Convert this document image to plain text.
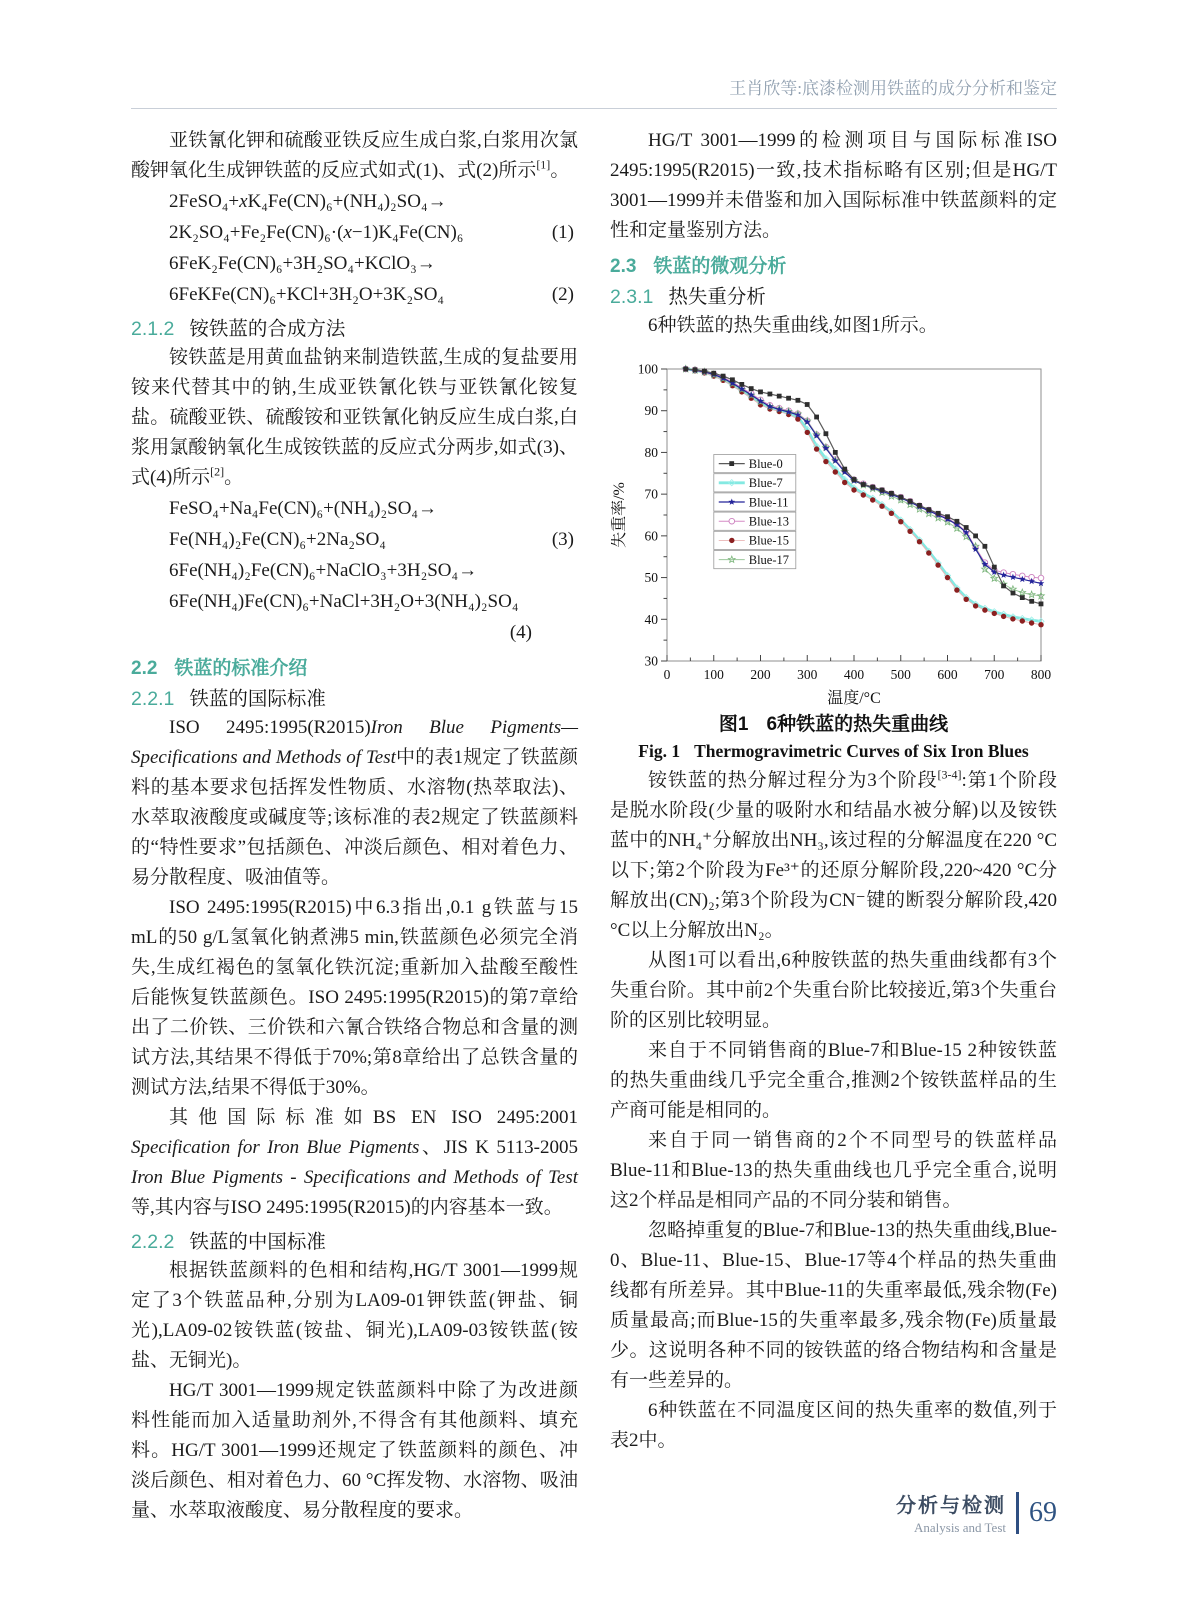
王肖欣等:底漆检测用铁蓝的成分分析和鉴定

亚铁氰化钾和硫酸亚铁反应生成白浆,白浆用次氯酸钾氧化生成钾铁蓝的反应式如式(1)、式(2)所示[1]。

2FeSO₄+xK₄Fe(CN)₆+(NH₄)₂SO₄→
2K₂SO₄+Fe₂Fe(CN)₆·(x−1)K₄Fe(CN)₆	(1)
6FeK₂Fe(CN)₆+3H₂SO₄+KClO₃→
6FeKFe(CN)₆+KCl+3H₂O+3K₂SO₄	(2)
2.1.2 铵铁蓝的合成方法

铵铁蓝是用黄血盐钠来制造铁蓝,生成的复盐要用铵来代替其中的钠,生成亚铁氰化铁与亚铁氰化铵复盐。硫酸亚铁、硫酸铵和亚铁氰化钠反应生成白浆,白浆用氯酸钠氧化生成铵铁蓝的反应式分两步,如式(3)、式(4)所示[2]。

FeSO₄+Na₄Fe(CN)₆+(NH₄)₂SO₄→
Fe(NH₄)₂Fe(CN)₆+2Na₂SO₄	(3)
6Fe(NH₄)₂Fe(CN)₆+NaClO₃+3H₂SO₄→
6Fe(NH₄)Fe(CN)₆+NaCl+3H₂O+3(NH₄)₂SO₄
(4)
2.2 铁蓝的标准介绍
2.2.1 铁蓝的国际标准

ISO 2495:1995(R2015)Iron Blue Pigments—Specifications and Methods of Test中的表1规定了铁蓝颜料的基本要求包括挥发性物质、水溶物(热萃取法)、水萃取液酸度或碱度等;该标准的表2规定了铁蓝颜料的“特性要求”包括颜色、冲淡后颜色、相对着色力、易分散程度、吸油值等。

ISO 2495:1995(R2015)中6.3指出,0.1 g铁蓝与15 mL的50 g/L氢氧化钠煮沸5 min,铁蓝颜色必须完全消失,生成红褐色的氢氧化铁沉淀;重新加入盐酸至酸性后能恢复铁蓝颜色。ISO 2495:1995(R2015)的第7章给出了二价铁、三价铁和六氰合铁络合物总和含量的测试方法,其结果不得低于70%;第8章给出了总铁含量的测试方法,结果不得低于30%。

其他国际标准如BS EN ISO 2495:2001 Specification for Iron Blue Pigments、JIS K 5113-2005 Iron Blue Pigments - Specifications and Methods of Test等,其内容与ISO 2495:1995(R2015)的内容基本一致。

2.2.2 铁蓝的中国标准

根据铁蓝颜料的色相和结构,HG/T 3001—1999规定了3个铁蓝品种,分别为LA09-01钾铁蓝(钾盐、铜光),LA09-02铵铁蓝(铵盐、铜光),LA09-03铵铁蓝(铵盐、无铜光)。

HG/T 3001—1999规定铁蓝颜料中除了为改进颜料性能而加入适量助剂外,不得含有其他颜料、填充料。HG/T 3001—1999还规定了铁蓝颜料的颜色、冲淡后颜色、相对着色力、60 °C挥发物、水溶物、吸油量、水萃取液酸度、易分散程度的要求。

HG/T 3001—1999的检测项目与国际标准ISO 2495:1995(R2015)一致,技术指标略有区别;但是HG/T 3001—1999并未借鉴和加入国际标准中铁蓝颜料的定性和定量鉴别方法。

2.3 铁蓝的微观分析
2.3.1 热失重分析

6种铁蓝的热失重曲线,如图1所示。

0 100 200 300 400 500 600 700 800
30
40
50
60
70
80
90
100
温度/°C
失重率/%
Blue-0
Blue-7
Blue-11
Blue-13
Blue-15
Blue-17
图1 6种铁蓝的热失重曲线
Fig. 1 Thermogravimetric Curves of Six Iron Blues

铵铁蓝的热分解过程分为3个阶段[3-4]:第1个阶段是脱水阶段(少量的吸附水和结晶水被分解)以及铵铁蓝中的NH₄⁺分解放出NH₃,该过程的分解温度在220 °C以下;第2个阶段为Fe³⁺的还原分解阶段,220~420 °C分解放出(CN)₂;第3个阶段为CN⁻键的断裂分解阶段,420 °C以上分解放出N₂。

从图1可以看出,6种胺铁蓝的热失重曲线都有3个失重台阶。其中前2个失重台阶比较接近,第3个失重台阶的区别比较明显。

来自于不同销售商的Blue-7和Blue-15 2种铵铁蓝的热失重曲线几乎完全重合,推测2个铵铁蓝样品的生产商可能是相同的。

来自于同一销售商的2个不同型号的铁蓝样品Blue-11和Blue-13的热失重曲线也几乎完全重合,说明这2个样品是相同产品的不同分装和销售。

忽略掉重复的Blue-7和Blue-13的热失重曲线,Blue-0、Blue-11、Blue-15、Blue-17等4个样品的热失重曲线都有所差异。其中Blue-11的失重率最低,残余物(Fe)质量最高;而Blue-15的失重率最多,残余物(Fe)质量最少。这说明各种不同的铵铁蓝的络合物结构和含量是有一些差异的。

6种铁蓝在不同温度区间的热失重率的数值,列于表2中。

分析与检测
Analysis and Test 69
